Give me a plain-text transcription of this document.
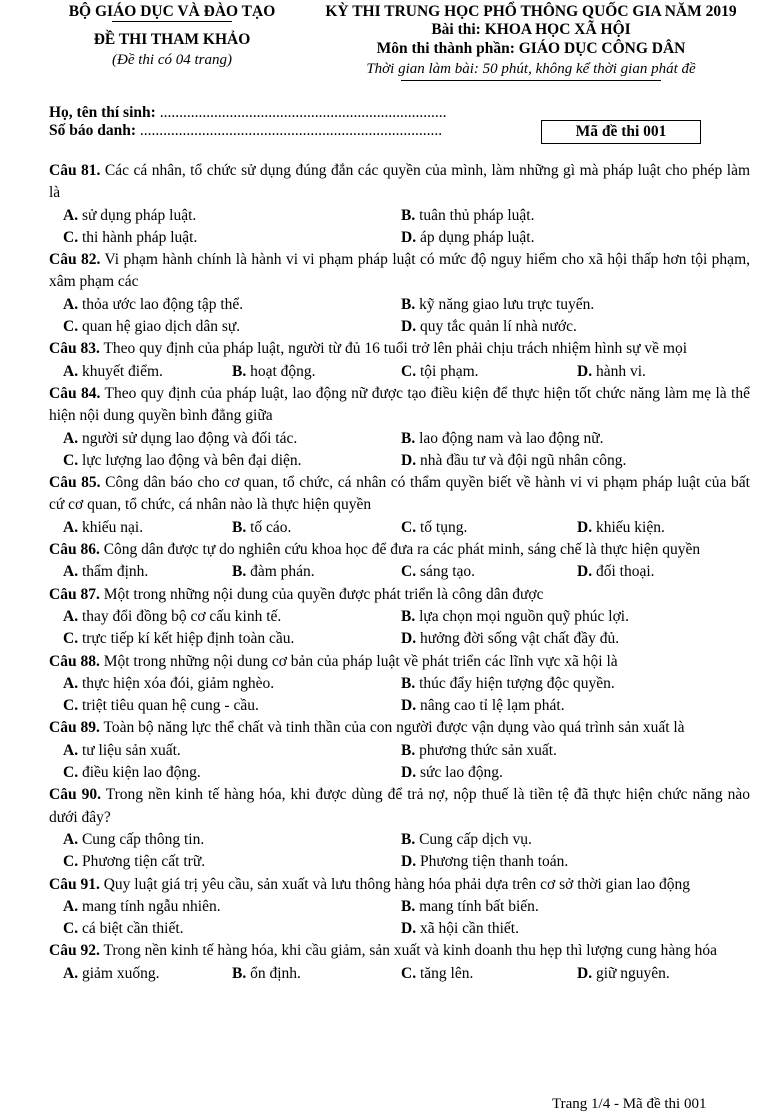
BỘ GIÁO DỤC VÀ ĐÀO TẠO
ĐỀ THI THAM KHẢO
(Đề thi có 04 trang)
KỲ THI TRUNG HỌC PHỔ THÔNG QUỐC GIA NĂM 2019
Bài thi: KHOA HỌC XÃ HỘI
Môn thi thành phần: GIÁO DỤC CÔNG DÂN
Thời gian làm bài: 50 phút, không kể thời gian phát đề
Họ, tên thí sinh: ..........................................................................
Số báo danh: ..............................................................................	Mã đề thi 001
Câu 81. Các cá nhân, tổ chức sử dụng đúng đắn các quyền của mình, làm những gì mà pháp luật cho phép làm là
A. sử dụng pháp luật.	B. tuân thủ pháp luật.
C. thi hành pháp luật.	D. áp dụng pháp luật.
Câu 82. Vi phạm hành chính là hành vi vi phạm pháp luật có mức độ nguy hiểm cho xã hội thấp hơn tội phạm, xâm phạm các
A. thỏa ước lao động tập thể.	B. kỹ năng giao lưu trực tuyến.
C. quan hệ giao dịch dân sự.	D. quy tắc quản lí nhà nước.
Câu 83. Theo quy định của pháp luật, người từ đủ 16 tuổi trở lên phải chịu trách nhiệm hình sự về mọi
A. khuyết điểm.	B. hoạt động.	C. tội phạm.	D. hành vi.
Câu 84. Theo quy định của pháp luật, lao động nữ được tạo điều kiện để thực hiện tốt chức năng làm mẹ là thể hiện nội dung quyền bình đẳng giữa
A. người sử dụng lao động và đối tác.	B. lao động nam và lao động nữ.
C. lực lượng lao động và bên đại diện.	D. nhà đầu tư và đội ngũ nhân công.
Câu 85. Công dân báo cho cơ quan, tổ chức, cá nhân có thẩm quyền biết về hành vi vi phạm pháp luật của bất cứ cơ quan, tổ chức, cá nhân nào là thực hiện quyền
A. khiếu nại.	B. tố cáo.	C. tố tụng.	D. khiếu kiện.
Câu 86. Công dân được tự do nghiên cứu khoa học để đưa ra các phát minh, sáng chế là thực hiện quyền
A. thẩm định.	B. đàm phán.	C. sáng tạo.	D. đối thoại.
Câu 87. Một trong những nội dung của quyền được phát triển là công dân được
A. thay đổi đồng bộ cơ cấu kinh tế.	B. lựa chọn mọi nguồn quỹ phúc lợi.
C. trực tiếp kí kết hiệp định toàn cầu.	D. hưởng đời sống vật chất đầy đủ.
Câu 88. Một trong những nội dung cơ bản của pháp luật về phát triển các lĩnh vực xã hội là
A. thực hiện xóa đói, giảm nghèo.	B. thúc đẩy hiện tượng độc quyền.
C. triệt tiêu quan hệ cung - cầu.	D. nâng cao tỉ lệ lạm phát.
Câu 89. Toàn bộ năng lực thể chất và tinh thần của con người được vận dụng vào quá trình sản xuất là
A. tư liệu sản xuất.	B. phương thức sản xuất.
C. điều kiện lao động.	D. sức lao động.
Câu 90. Trong nền kinh tế hàng hóa, khi được dùng để trả nợ, nộp thuế là tiền tệ đã thực hiện chức năng nào dưới đây?
A. Cung cấp thông tin.	B. Cung cấp dịch vụ.
C. Phương tiện cất trữ.	D. Phương tiện thanh toán.
Câu 91. Quy luật giá trị yêu cầu, sản xuất và lưu thông hàng hóa phải dựa trên cơ sở thời gian lao động
A. mang tính ngẫu nhiên.	B. mang tính bất biến.
C. cá biệt cần thiết.	D. xã hội cần thiết.
Câu 92. Trong nền kinh tế hàng hóa, khi cầu giảm, sản xuất và kinh doanh thu hẹp thì lượng cung hàng hóa
A. giảm xuống.	B. ổn định.	C. tăng lên.	D. giữ nguyên.
Trang 1/4 - Mã đề thi 001
